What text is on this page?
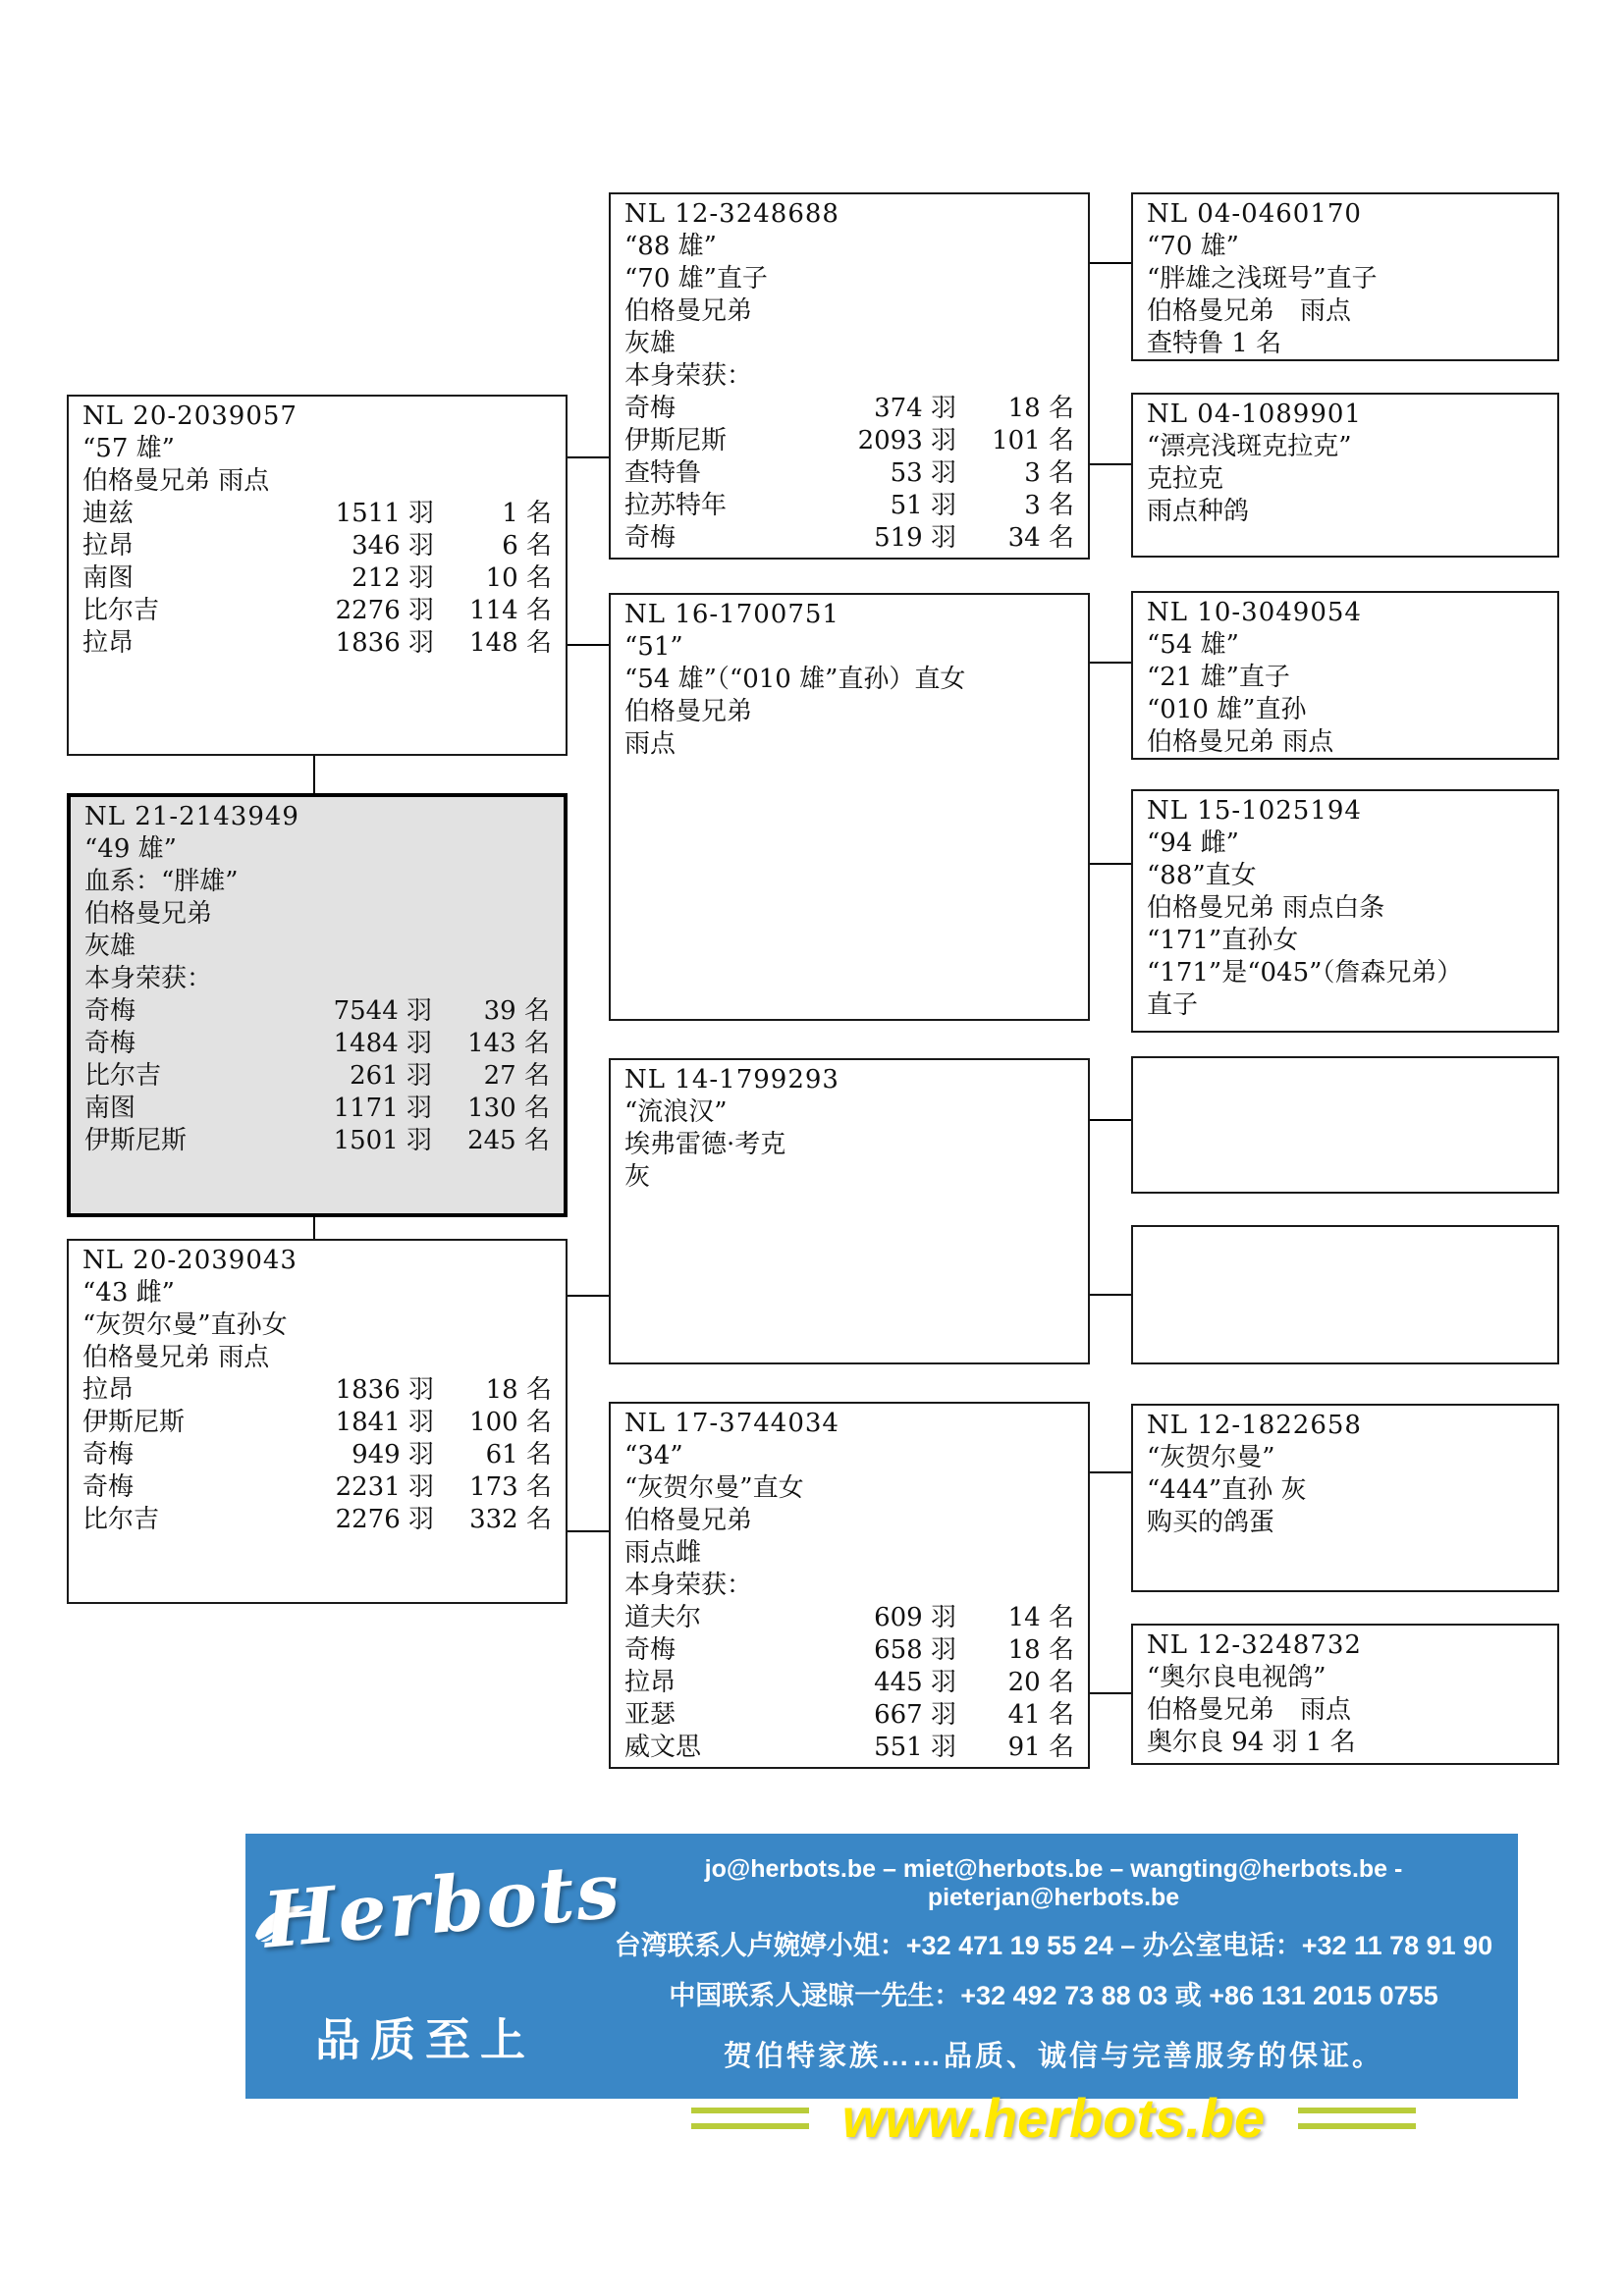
NL 20-2039057
“57 雄”
伯格曼兄弟 雨点
迪兹	1511 羽	1 名
拉昂	346 羽	6 名
南图	212 羽	10 名
比尔吉	2276 羽	114 名
拉昂	1836 羽	148 名
NL 21-2143949
“49 雄”
血系：“胖雄”
伯格曼兄弟
灰雄
本身荣获：
奇梅	7544 羽	39 名
奇梅	1484 羽	143 名
比尔吉	261 羽	27 名
南图	1171 羽	130 名
伊斯尼斯	1501 羽	245 名
NL 20-2039043
“43 雌”
“灰贺尔曼”直孙女
伯格曼兄弟 雨点
拉昂	1836 羽	18 名
伊斯尼斯	1841 羽	100 名
奇梅	949 羽	61 名
奇梅	2231 羽	173 名
比尔吉	2276 羽	332 名
NL 12-3248688
“88 雄”
“70 雄”直子
伯格曼兄弟
灰雄
本身荣获：
奇梅	374 羽	18 名
伊斯尼斯	2093 羽	101 名
查特鲁	53 羽	3 名
拉苏特年	51 羽	3 名
奇梅	519 羽	34 名
NL 16-1700751
“51”
“54 雄”（“010 雄”直孙）直女
伯格曼兄弟
雨点
NL 14-1799293
“流浪汉”
埃弗雷德·考克
灰
NL 17-3744034
“34”
“灰贺尔曼”直女
伯格曼兄弟
雨点雌
本身荣获：
道夫尔	609 羽	14 名
奇梅	658 羽	18 名
拉昂	445 羽	20 名
亚瑟	667 羽	41 名
威文思	551 羽	91 名
NL 04-0460170
“70 雄”
“胖雄之浅斑号”直子
伯格曼兄弟　雨点
查特鲁 1 名
NL 04-1089901
“漂亮浅斑克拉克”
克拉克
雨点种鸽
NL 10-3049054
“54 雄”
“21 雄”直子
“010 雄”直孙
伯格曼兄弟 雨点
NL 15-1025194
“94 雌”
“88”直女
伯格曼兄弟 雨点白条
“171”直孙女
“171”是“045”（詹森兄弟）
直子
NL 12-1822658
“灰贺尔曼”
“444”直孙 灰
购买的鸽蛋
NL 12-3248732
“奥尔良电视鸽”
伯格曼兄弟　雨点
奥尔良 94 羽 1 名
Herbots
品质至上
jo@herbots.be – miet@herbots.be – wangting@herbots.be - pieterjan@herbots.be
台湾联系人卢婉婷小姐：+32 471 19 55 24 – 办公室电话：+32 11 78 91 90
中国联系人逯晾一先生：+32 492 73 88 03 或 +86 131 2015 0755
贺伯特家族……品质、诚信与完善服务的保证。
www.herbots.be
